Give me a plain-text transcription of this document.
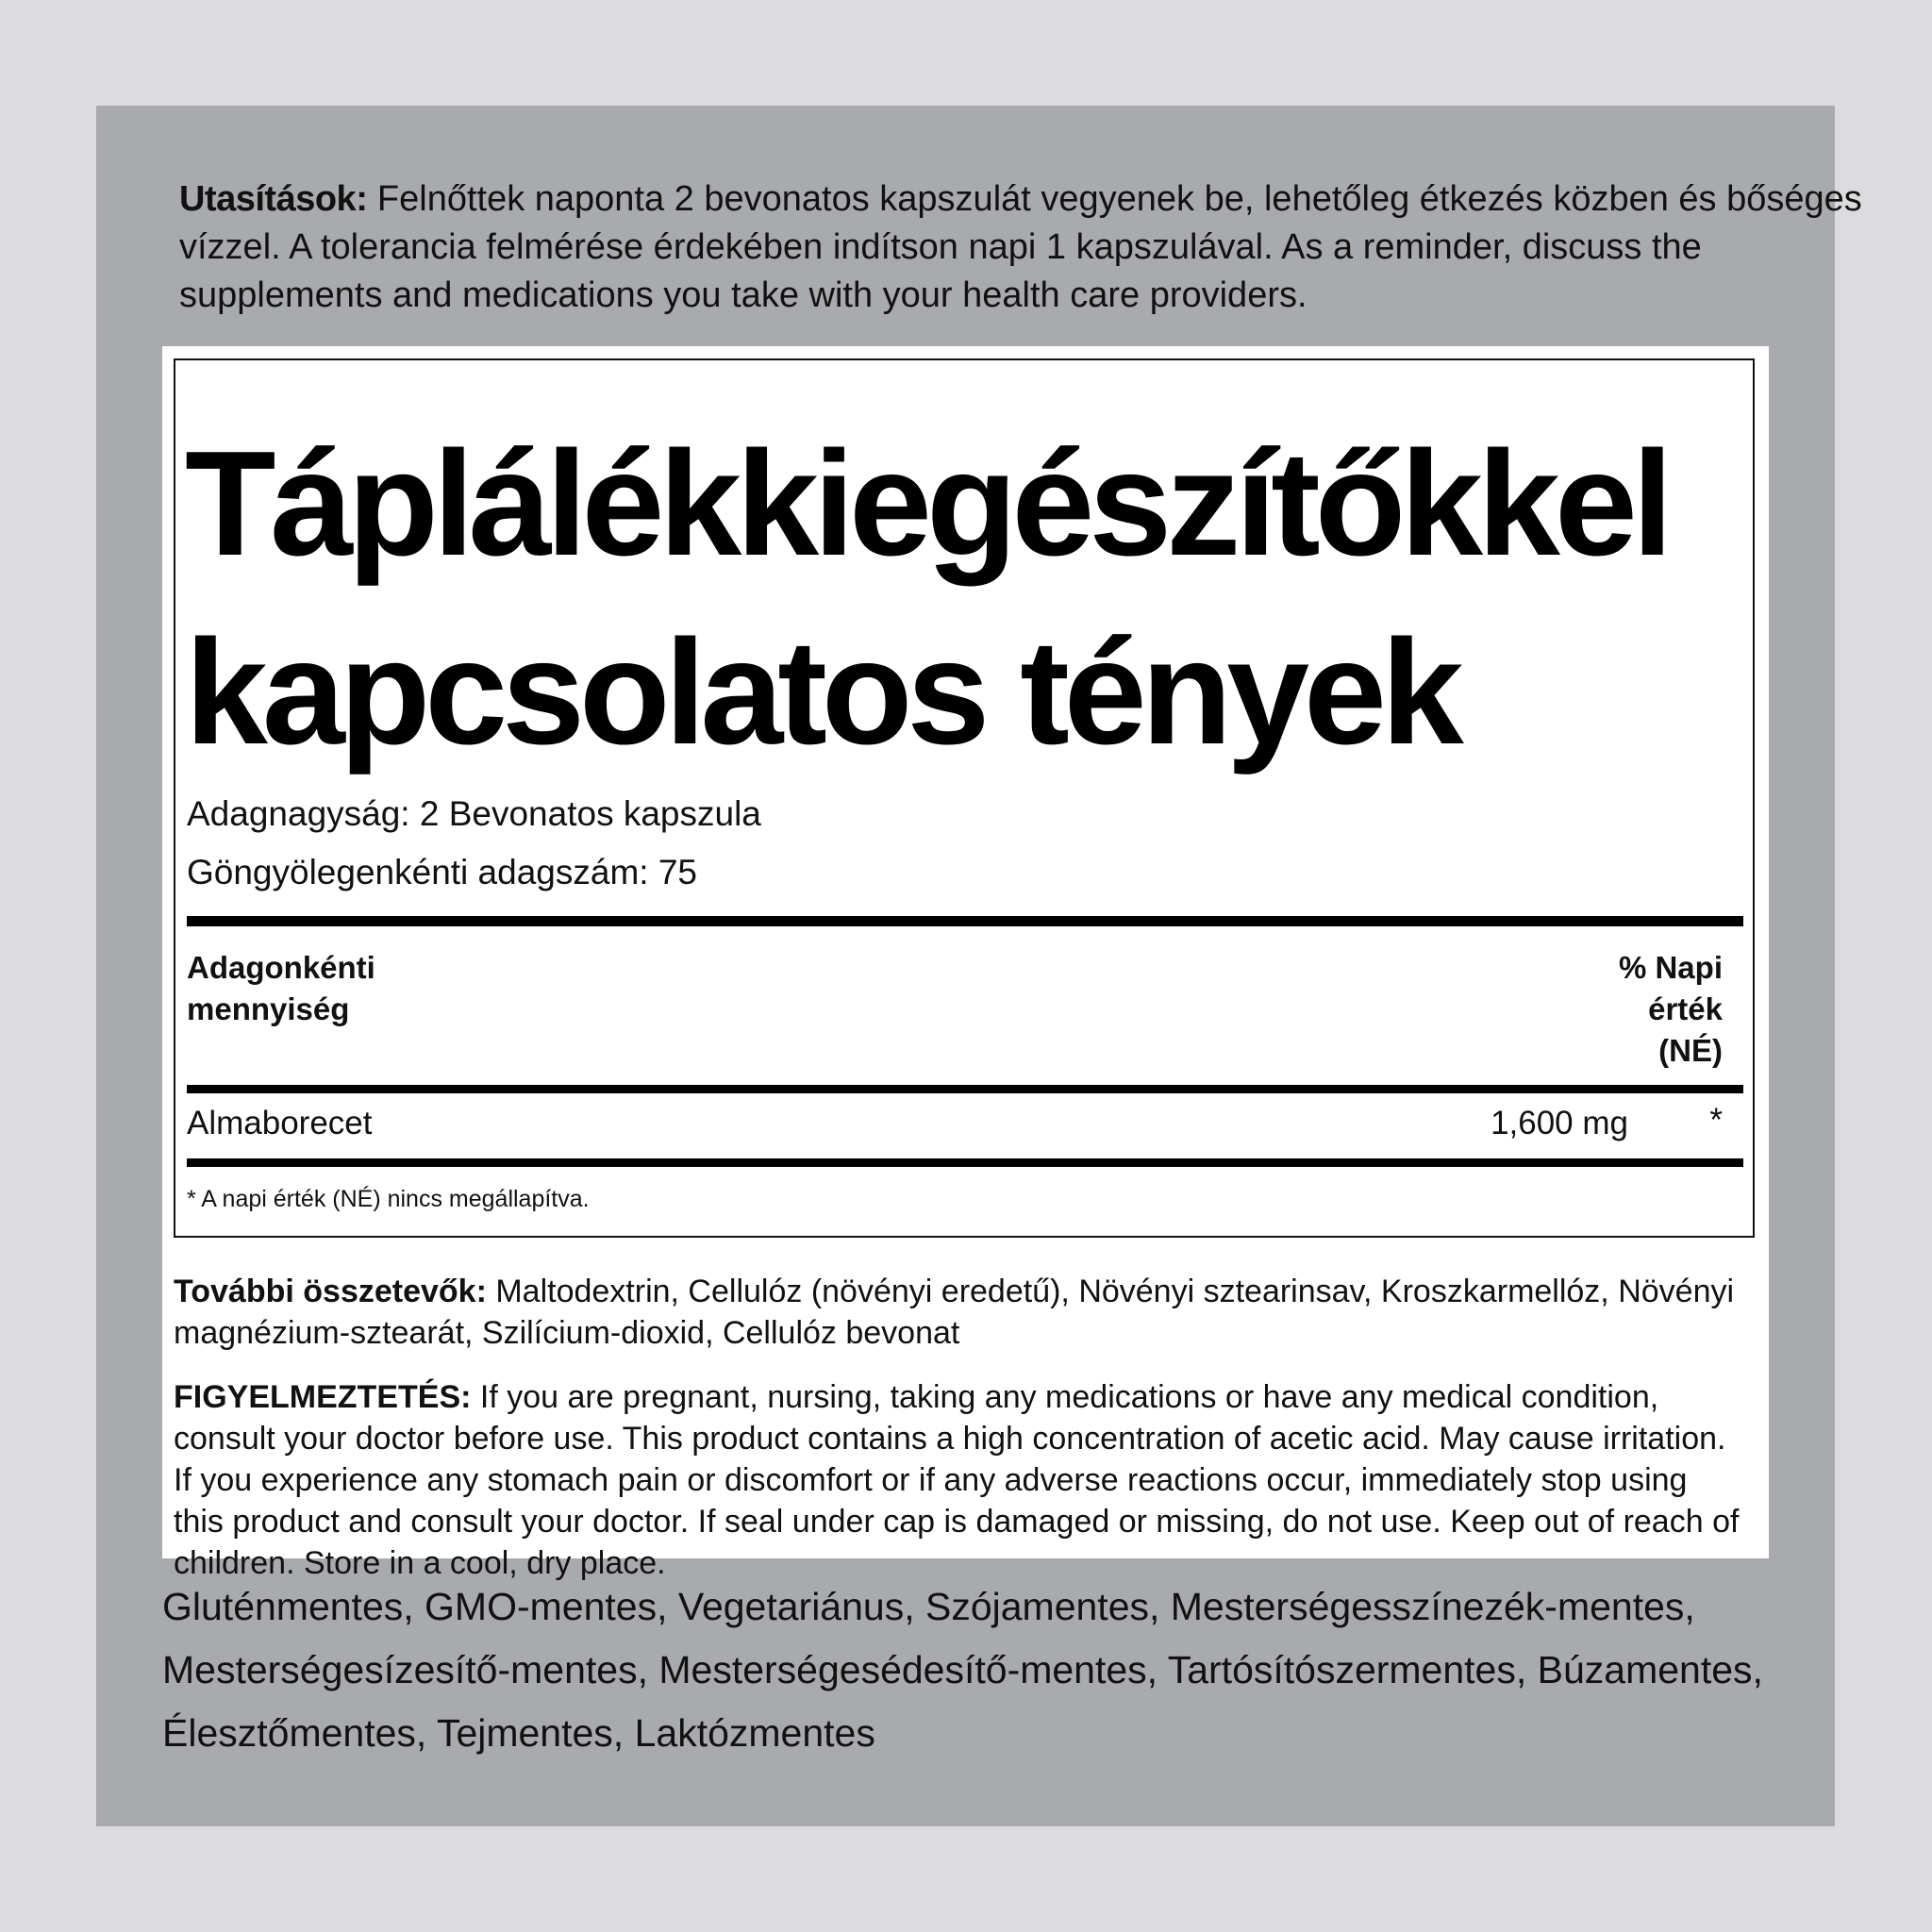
Utasítások: Felnőttek naponta 2 bevonatos kapszulát vegyenek be, lehetőleg étkezés közben és bőséges vízzel. A tolerancia felmérése érdekében indítson napi 1 kapszulával. As a reminder, discuss the supplements and medications you take with your health care providers.
Táplálékkiegészítőkkel
kapcsolatos tények
Adagnagyság: 2 Bevonatos kapszula
Göngyölegenkénti adagszám: 75
Adagonkénti
mennyiség
% Napi
érték
(NÉ)
Almaborecet	1,600 mg	*
* A napi érték (NÉ) nincs megállapítva.
További összetevők: Maltodextrin, Cellulóz (növényi eredetű), Növényi sztearinsav, Kroszkarmellóz, Növényi magnézium-sztearát, Szilícium-dioxid, Cellulóz bevonat
FIGYELMEZTETÉS: If you are pregnant, nursing, taking any medications or have any medical condition, consult your doctor before use. This product contains a high concentration of acetic acid. May cause irritation. If you experience any stomach pain or discomfort or if any adverse reactions occur, immediately stop using this product and consult your doctor. If seal under cap is damaged or missing, do not use. Keep out of reach of children. Store in a cool, dry place.
Gluténmentes, GMO-mentes, Vegetariánus, Szójamentes, Mesterségesszínezék-mentes, Mesterségesízesítő-mentes, Mesterségesédesítő-mentes, Tartósítószermentes, Búzamentes, Élesztőmentes, Tejmentes, Laktózmentes
